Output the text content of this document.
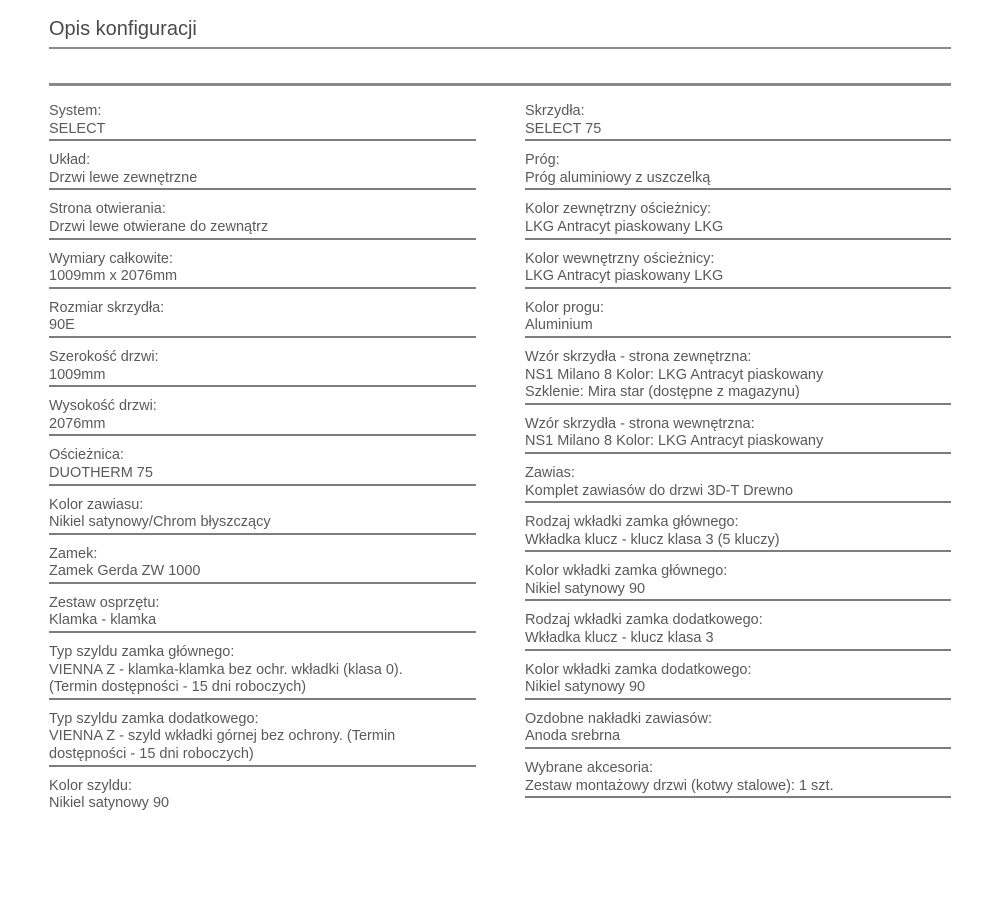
Opis konfiguracji
System:
SELECT
Układ:
Drzwi lewe zewnętrzne
Strona otwierania:
Drzwi lewe otwierane do zewnątrz
Wymiary całkowite:
1009mm x 2076mm
Rozmiar skrzydła:
90E
Szerokość drzwi:
1009mm
Wysokość drzwi:
2076mm
Ościeżnica:
DUOTHERM 75
Kolor zawiasu:
Nikiel satynowy/Chrom błyszczący
Zamek:
Zamek Gerda ZW 1000
Zestaw osprzętu:
Klamka - klamka
Typ szyldu zamka głównego:
VIENNA Z - klamka-klamka bez ochr. wkładki (klasa 0).
(Termin dostępności - 15 dni roboczych)
Typ szyldu zamka dodatkowego:
VIENNA Z - szyld wkładki górnej bez ochrony. (Termin
dostępności - 15 dni roboczych)
Kolor szyldu:
Nikiel satynowy 90
Skrzydła:
SELECT 75
Próg:
Próg aluminiowy z uszczelką
Kolor zewnętrzny ościeżnicy:
LKG Antracyt piaskowany LKG
Kolor wewnętrzny ościeżnicy:
LKG Antracyt piaskowany LKG
Kolor progu:
Aluminium
Wzór skrzydła - strona zewnętrzna:
NS1 Milano 8 Kolor: LKG Antracyt piaskowany
Szklenie: Mira star (dostępne z magazynu)
Wzór skrzydła - strona wewnętrzna:
NS1 Milano 8 Kolor: LKG Antracyt piaskowany
Zawias:
Komplet zawiasów do drzwi 3D-T Drewno
Rodzaj wkładki zamka głównego:
Wkładka klucz - klucz klasa 3 (5 kluczy)
Kolor wkładki zamka głównego:
Nikiel satynowy 90
Rodzaj wkładki zamka dodatkowego:
Wkładka klucz - klucz klasa 3
Kolor wkładki zamka dodatkowego:
Nikiel satynowy 90
Ozdobne nakładki zawiasów:
Anoda srebrna
Wybrane akcesoria:
Zestaw montażowy drzwi (kotwy stalowe): 1 szt.
